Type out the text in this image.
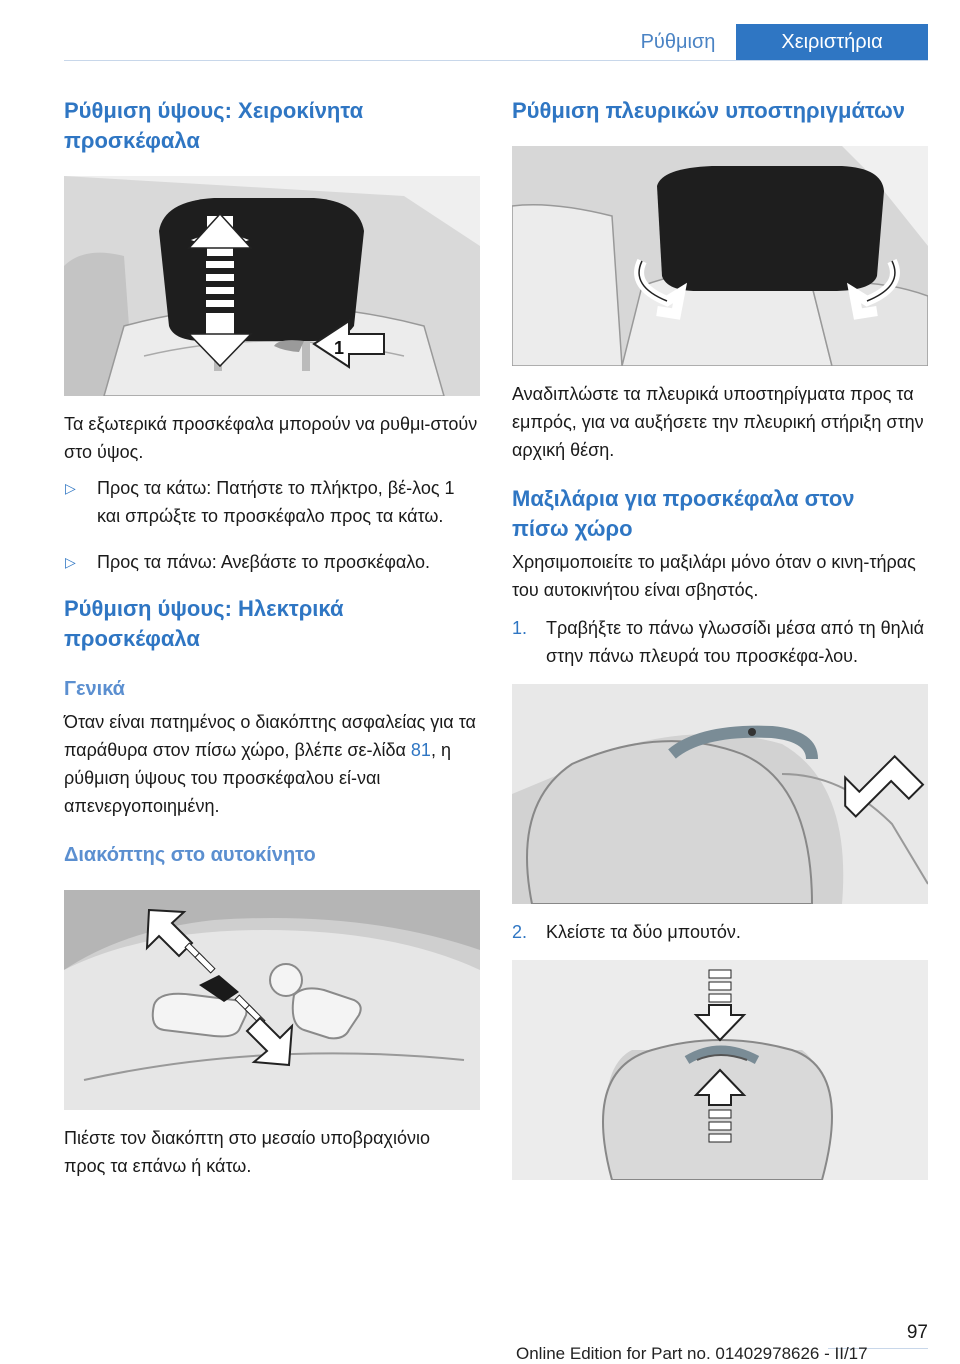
Ρύθμιση	Χειριστήρια
Ρύθμιση ύψους: Χειροκίνητα προσκέφαλα
1

Τα εξωτερικά προσκέφαλα μπορούν να ρυθμι-στούν στο ύψος.

▷ Προς τα κάτω: Πατήστε το πλήκτρο, βέ-λος 1 και σπρώξτε το προσκέφαλο προς τα κάτω.
▷ Προς τα πάνω: Ανεβάστε το προσκέφαλο.
Ρύθμιση ύψους: Ηλεκτρικά προσκέφαλα
Γενικά

Όταν είναι πατημένος ο διακόπτης ασφαλείας για τα παράθυρα στον πίσω χώρο, βλέπε σε-λίδα 81, η ρύθμιση ύψους του προσκέφαλου εί-ναι απενεργοποιημένη.

Διακόπτης στο αυτοκίνητο

Πιέστε τον διακόπτη στο μεσαίο υποβραχιόνιο προς τα επάνω ή κάτω.

Ρύθμιση πλευρικών υποστηριγμάτων

Αναδιπλώστε τα πλευρικά υποστηρίγματα προς τα εμπρός, για να αυξήσετε την πλευρική στήριξη στην αρχική θέση.

Μαξιλάρια για προσκέφαλα στον πίσω χώρο

Χρησιμοποιείτε το μαξιλάρι μόνο όταν ο κινη-τήρας του αυτοκινήτου είναι σβηστός.

1. Τραβήξτε το πάνω γλωσσίδι μέσα από τη θηλιά στην πάνω πλευρά του προσκέφα-λου.
2. Κλείστε τα δύο μπουτόν.
97
Online Edition for Part no. 01402978626 - II/17
